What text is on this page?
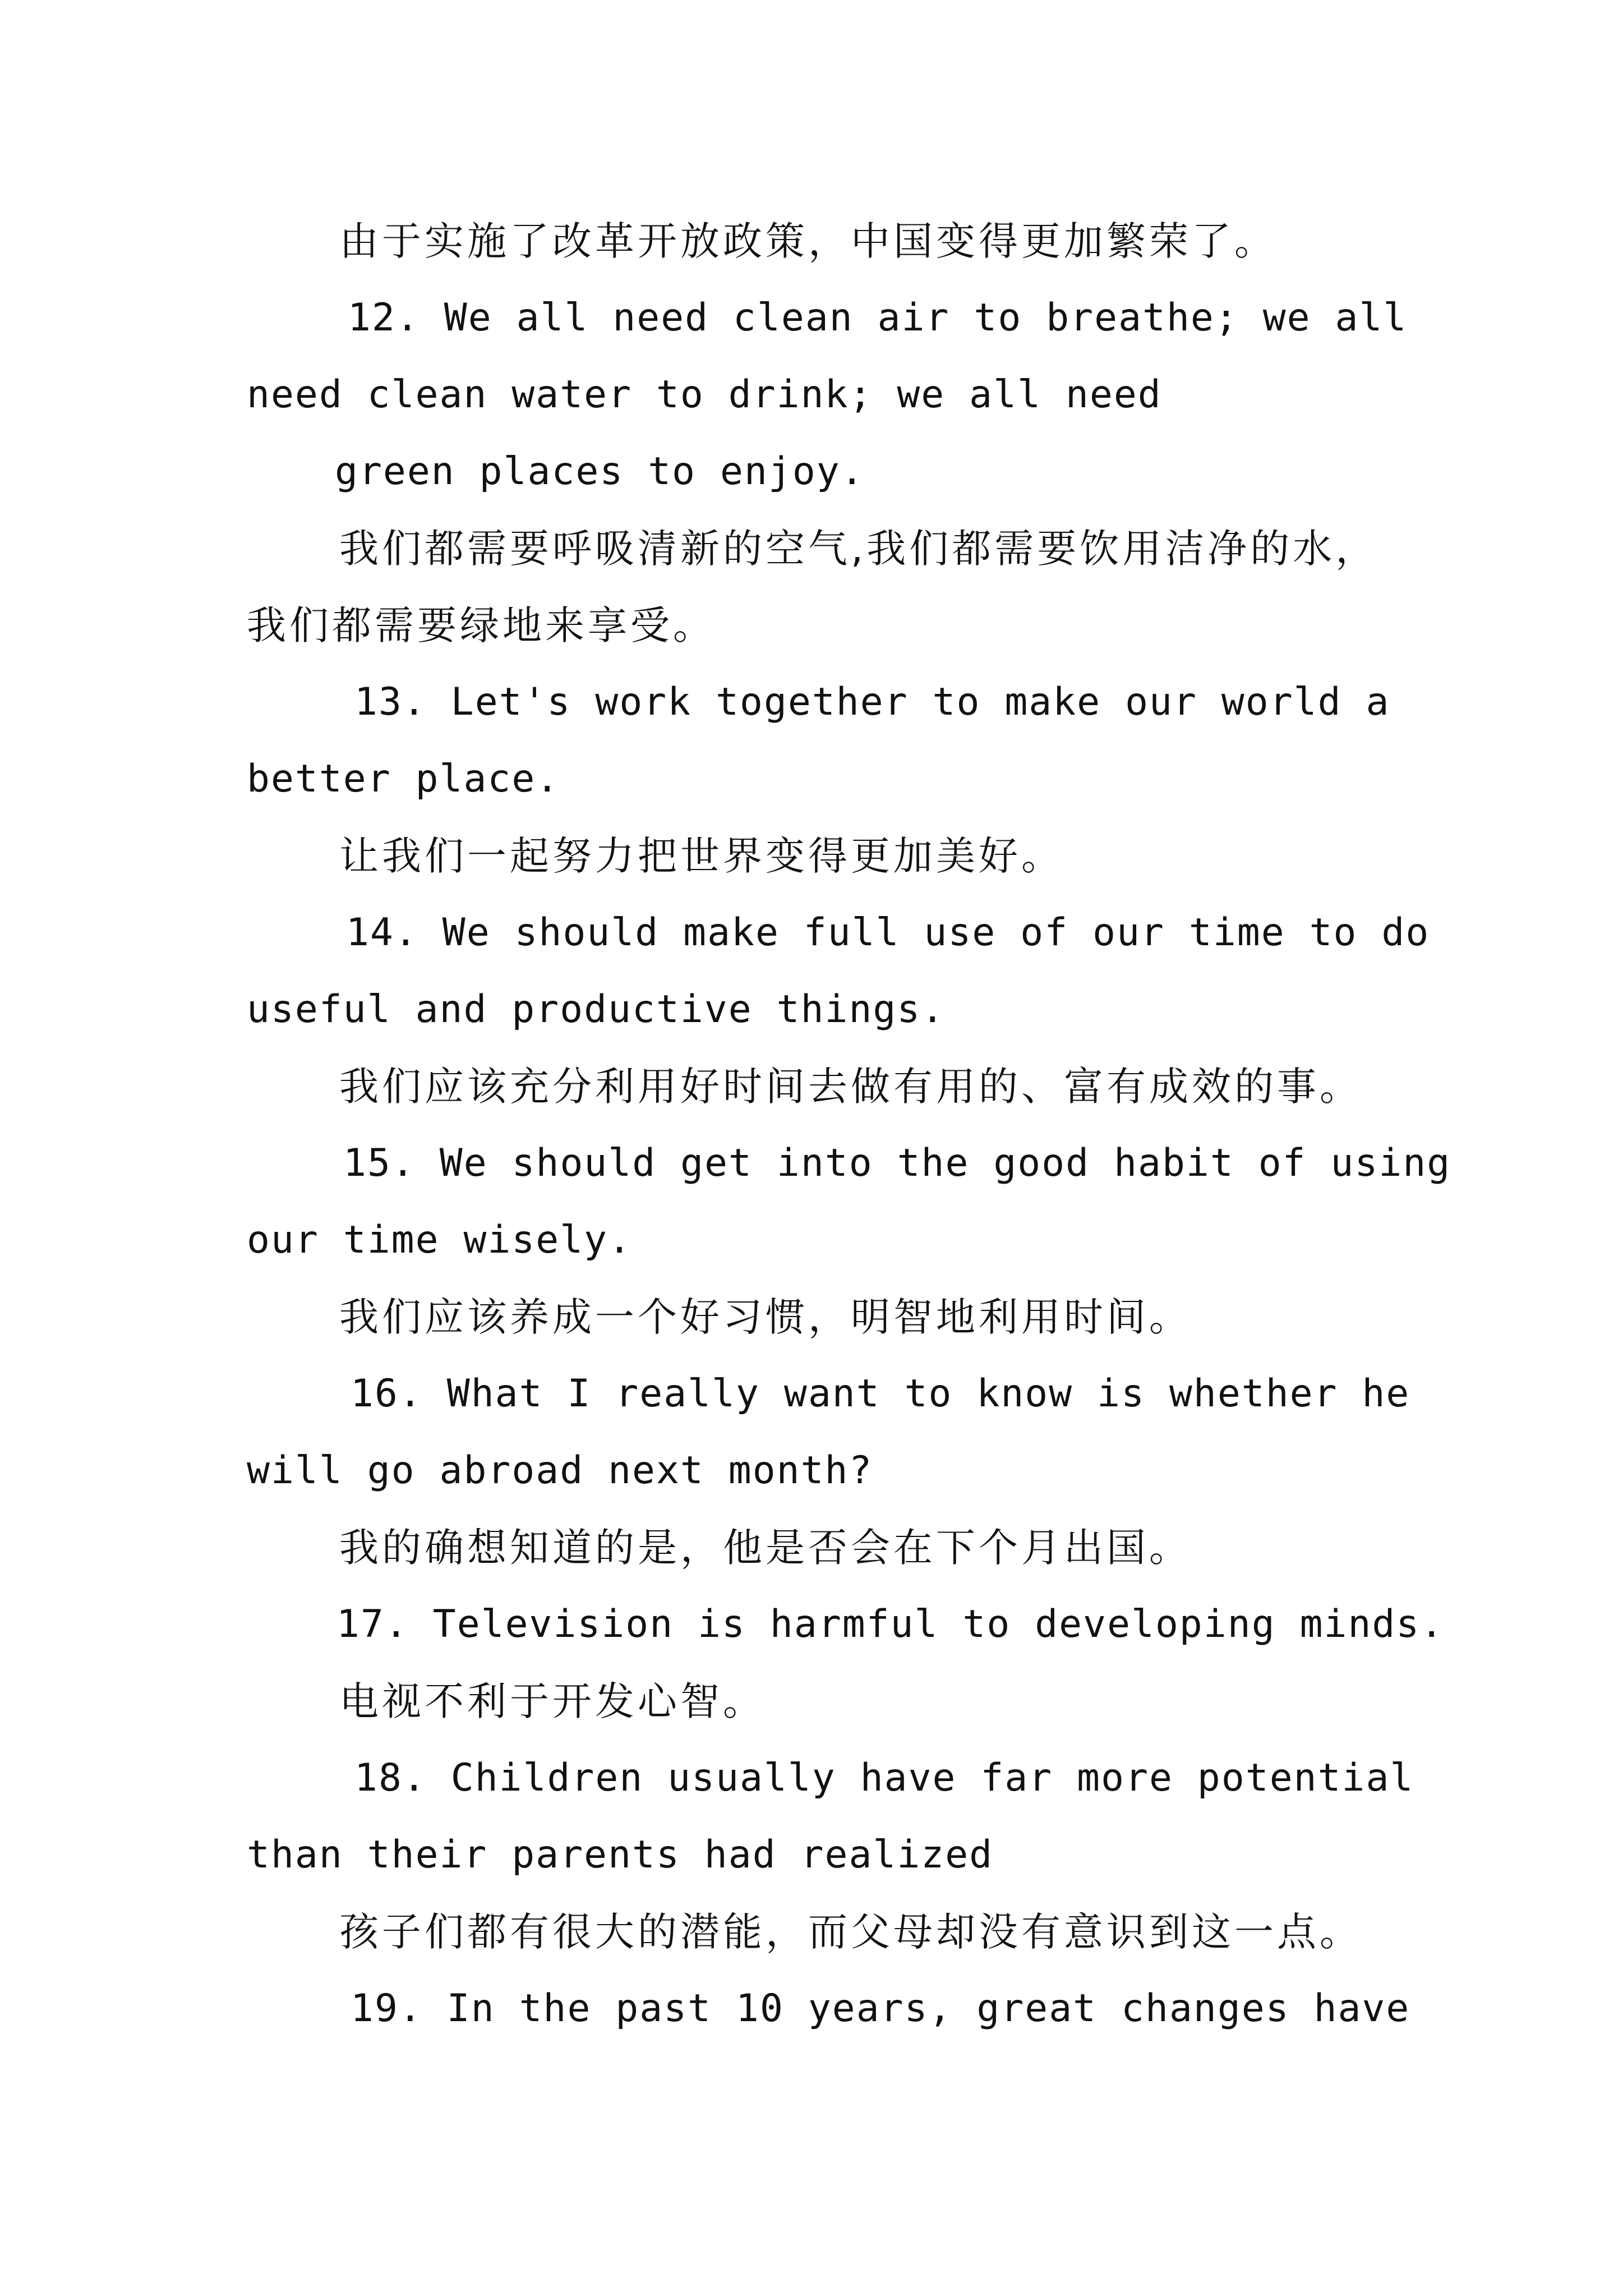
由于实施了改革开放政策，中国变得更加繁荣了。

12. We all need clean air to breathe; we all

need clean water to drink; we all need

green places to enjoy.

我们都需要呼吸清新的空气,我们都需要饮用洁净的水，

我们都需要绿地来享受。

13. Let's work together to make our world a

better place.

让我们一起努力把世界变得更加美好。

14. We should make full use of our time to do

useful and productive things.

我们应该充分利用好时间去做有用的、富有成效的事。

15. We should get into the good habit of using

our time wisely.

我们应该养成一个好习惯，明智地利用时间。

16. What I really want to know is whether he

will go abroad next month?

我的确想知道的是，他是否会在下个月出国。

17. Television is harmful to developing minds.

电视不利于开发心智。

18. Children usually have far more potential

than their parents had realized

孩子们都有很大的潜能，而父母却没有意识到这一点。

19. In the past 10 years, great changes have
